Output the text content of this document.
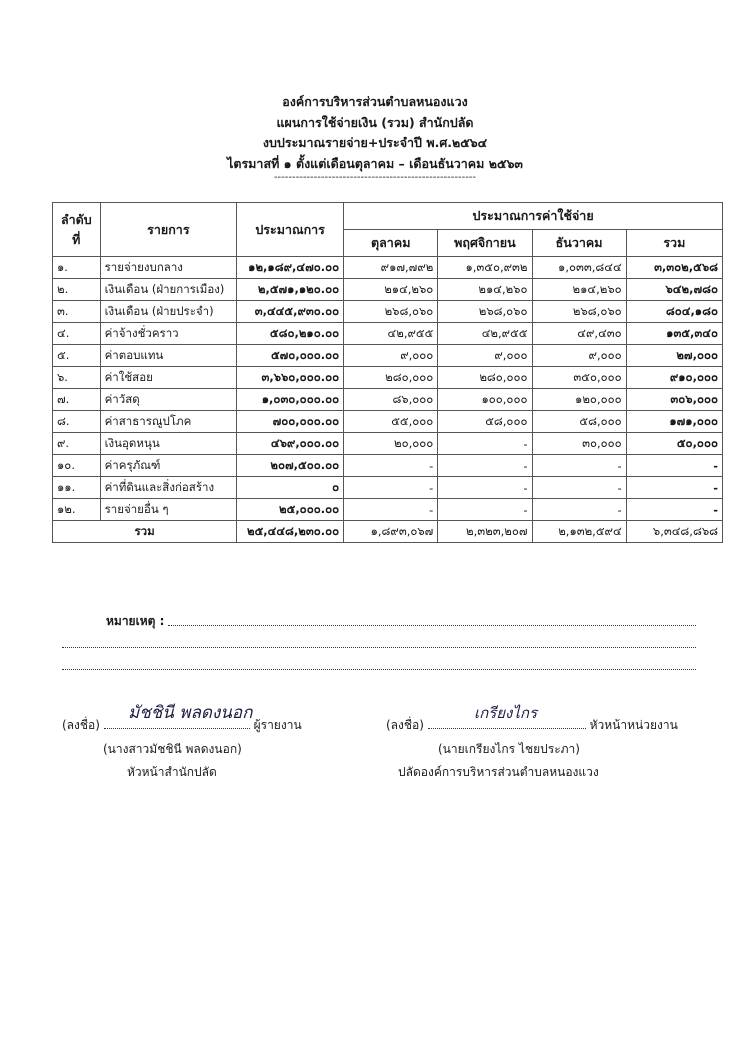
องค์การบริหารส่วนตำบลหนองแวง
แผนการใช้จ่ายเงิน (รวม) สำนักปลัด
งบประมาณรายจ่าย+ประจำปี พ.ศ.๒๕๖๔
ไตรมาสที่ ๑ ตั้งแต่เดือนตุลาคม – เดือนธันวาคม ๒๕๖๓
--------------------------------------------------------
ลำดับ ที่	รายการ	ประมาณการ	ประมาณการค่าใช้จ่าย			
			ตุลาคม	พฤศจิกายน	ธันวาคม	รวม
๑.	รายจ่ายงบกลาง	๑๒,๑๘๙,๔๗๐.๐๐	๙๑๗,๗๙๒	๑,๓๕๐,๙๓๒	๑,๐๓๓,๘๔๔	๓,๓๐๒,๕๖๘
๒.	เงินเดือน (ฝ่ายการเมือง)	๒,๕๗๑,๑๒๐.๐๐	๒๑๔,๒๖๐	๒๑๔,๒๖๐	๒๑๔,๒๖๐	๖๔๒,๗๘๐
๓.	เงินเดือน (ฝ่ายประจำ)	๓,๔๔๕,๙๓๐.๐๐	๒๖๘,๐๖๐	๒๖๘,๐๖๐	๒๖๘,๐๖๐	๘๐๔,๑๘๐
๔.	ค่าจ้างชั่วคราว	๕๘๐,๒๑๐.๐๐	๔๒,๙๕๕	๔๒,๙๕๕	๔๙,๔๓๐	๑๓๕,๓๔๐
๕.	ค่าตอบแทน	๕๗๐,๐๐๐.๐๐	๙,๐๐๐	๙,๐๐๐	๙,๐๐๐	๒๗,๐๐๐
๖.	ค่าใช้สอย	๓,๖๖๐,๐๐๐.๐๐	๒๘๐,๐๐๐	๒๘๐,๐๐๐	๓๕๐,๐๐๐	๙๑๐,๐๐๐
๗.	ค่าวัสดุ	๑,๐๓๐,๐๐๐.๐๐	๘๖,๐๐๐	๑๐๐,๐๐๐	๑๒๐,๐๐๐	๓๐๖,๐๐๐
๘.	ค่าสาธารณูปโภค	๗๐๐,๐๐๐.๐๐	๕๕,๐๐๐	๕๘,๐๐๐	๕๘,๐๐๐	๑๗๑,๐๐๐
๙.	เงินอุดหนุน	๔๖๙,๐๐๐.๐๐	๒๐,๐๐๐	-	๓๐,๐๐๐	๕๐,๐๐๐
๑๐.	ค่าครุภัณฑ์	๒๐๗,๕๐๐.๐๐	-	-	-	-
๑๑.	ค่าที่ดินและสิ่งก่อสร้าง	๐	-	-	-	-
๑๒.	รายจ่ายอื่น ๆ	๒๕,๐๐๐.๐๐	-	-	-	-
รวม		๒๕,๔๔๘,๒๓๐.๐๐	๑,๘๙๓,๐๖๗	๒,๓๒๓,๒๐๗	๒,๑๓๒,๕๙๔	๖,๓๔๘,๘๖๘
หมายเหตุ :
(ลงชื่อ)	ผู้รายงาน
มัชชินี พลดงนอก
(นางสาวมัชชินี พลดงนอก)
หัวหน้าสำนักปลัด
(ลงชื่อ)	หัวหน้าหน่วยงาน
เกรียงไกร
(นายเกรียงไกร ไชยประภา)
ปลัดองค์การบริหารส่วนตำบลหนองแวง
